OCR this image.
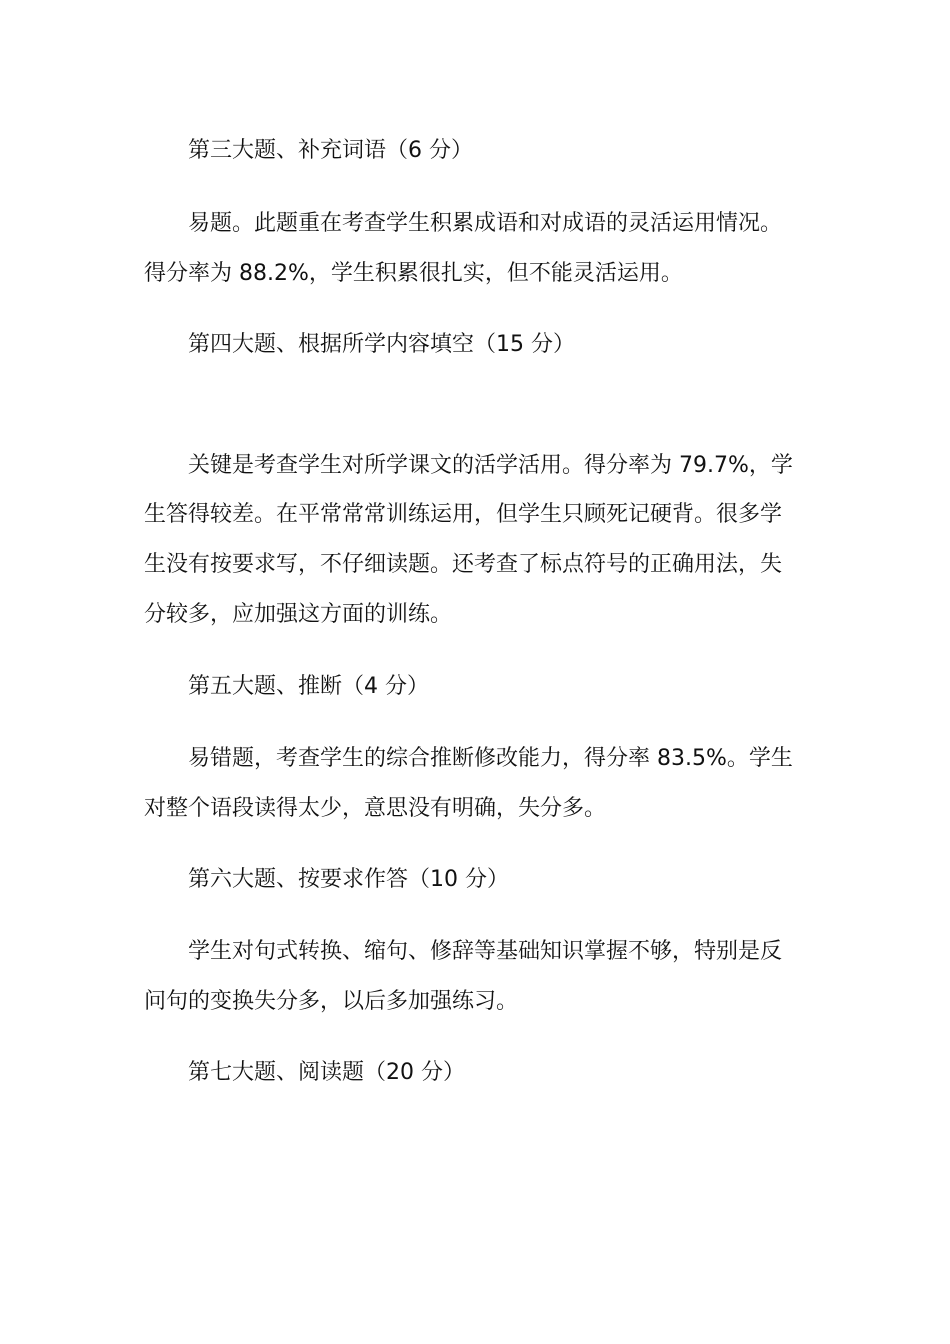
第三大题、补充词语（6 分）
易题。此题重在考查学生积累成语和对成语的灵活运用情况。
得分率为 88.2%，学生积累很扎实，但不能灵活运用。
第四大题、根据所学内容填空（15 分）
关键是考查学生对所学课文的活学活用。得分率为 79.7%，学
生答得较差。在平常常常训练运用，但学生只顾死记硬背。很多学
生没有按要求写，不仔细读题。还考查了标点符号的正确用法，失
分较多，应加强这方面的训练。
第五大题、推断（4 分）
易错题，考查学生的综合推断修改能力，得分率 83.5%。学生
对整个语段读得太少，意思没有明确，失分多。
第六大题、按要求作答（10 分）
学生对句式转换、缩句、修辞等基础知识掌握不够，特别是反
问句的变换失分多，以后多加强练习。
第七大题、阅读题（20 分）
